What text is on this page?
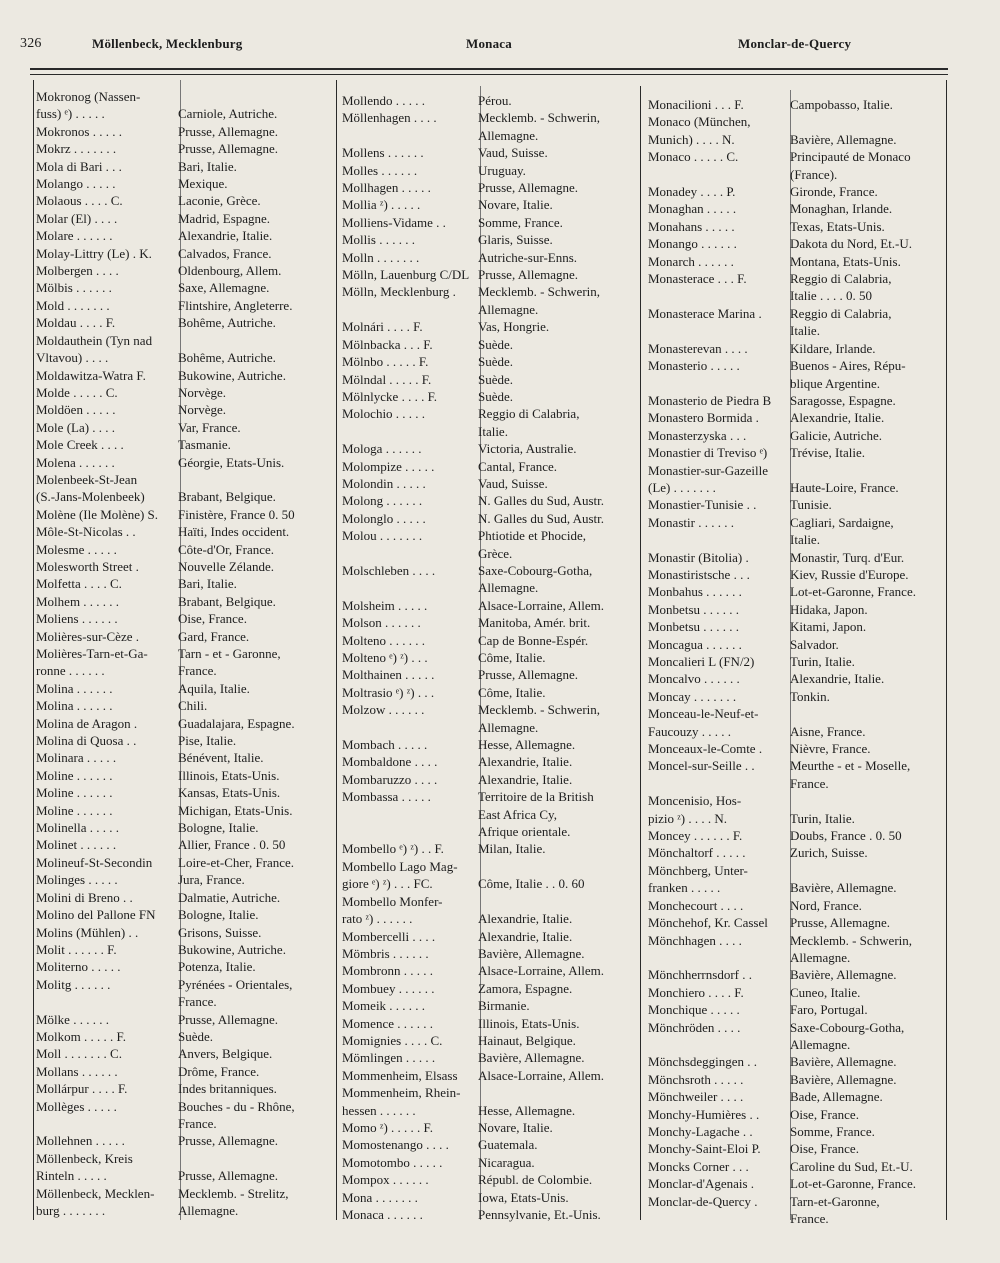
326	Möllenbeck, Mecklenburg	Monaca	Monclar-de-Quercy
Mokronog (Nassen-
fuss) ᵉ) . . . . .	Carniole, Autriche.
Mokronos . . . . .	Prusse, Allemagne.
Mokrz . . . . . . .	Prusse, Allemagne.
Mola di Bari . . .	Bari, Italie.
Molango . . . . .	Mexique.
Molaous . . . . C.	Laconie, Grèce.
Molar (El) . . . .	Madrid, Espagne.
Molare . . . . . .	Alexandrie, Italie.
Molay-Littry (Le) . K.	Calvados, France.
Molbergen . . . .	Oldenbourg, Allem.
Mölbis . . . . . .	Saxe, Allemagne.
Mold . . . . . . .	Flintshire, Angleterre.
Moldau . . . . F.	Bohême, Autriche.
Moldauthein (Tyn nad
Vltavou) . . . .	Bohême, Autriche.
Moldawitza-Watra F.	Bukowine, Autriche.
Molde . . . . . C.	Norvège.
Moldöen . . . . .	Norvège.
Mole (La) . . . .	Var, France.
Mole Creek . . . .	Tasmanie.
Molena . . . . . .	Géorgie, Etats-Unis.
Molenbeek-St-Jean
(S.-Jans-Molenbeek)	Brabant, Belgique.
Molène (Ile Molène) S.	Finistère, France 0. 50
Môle-St-Nicolas . .	Haïti, Indes occident.
Molesme . . . . .	Côte-d'Or, France.
Molesworth Street .	Nouvelle Zélande.
Molfetta . . . . C.	Bari, Italie.
Molhem . . . . . .	Brabant, Belgique.
Moliens . . . . . .	Oise, France.
Molières-sur-Cèze .	Gard, France.
Molières-Tarn-et-Ga-	Tarn - et - Garonne,
ronne . . . . . .	France.
Molina . . . . . .	Aquila, Italie.
Molina . . . . . .	Chili.
Molina de Aragon .	Guadalajara, Espagne.
Molina di Quosa . .	Pise, Italie.
Molinara . . . . .	Bénévent, Italie.
Moline . . . . . .	Illinois, Etats-Unis.
Moline . . . . . .	Kansas, Etats-Unis.
Moline . . . . . .	Michigan, Etats-Unis.
Molinella . . . . .	Bologne, Italie.
Molinet . . . . . .	Allier, France . 0. 50
Molineuf-St-Secondin	Loire-et-Cher, France.
Molinges . . . . .	Jura, France.
Molini di Breno . .	Dalmatie, Autriche.
Molino del Pallone FN	Bologne, Italie.
Molins (Mühlen) . .	Grisons, Suisse.
Molit . . . . . . F.	Bukowine, Autriche.
Moliterno . . . . .	Potenza, Italie.
Molitg . . . . . .	Pyrénées - Orientales,
France.
Mölke . . . . . .	Prusse, Allemagne.
Molkom . . . . . F.	Suède.
Moll . . . . . . . C.	Anvers, Belgique.
Mollans . . . . . .	Drôme, France.
Mollárpur . . . . F.	Indes britanniques.
Mollèges . . . . .	Bouches - du - Rhône,
France.
Mollehnen . . . . .	Prusse, Allemagne.
Möllenbeck, Kreis
Rinteln . . . . .	Prusse, Allemagne.
Möllenbeck, Mecklen-	Mecklemb. - Strelitz,
burg . . . . . . .	Allemagne.
Mollendo . . . . .	Pérou.
Möllenhagen . . . .	Mecklemb. - Schwerin,
Allemagne.
Mollens . . . . . .	Vaud, Suisse.
Molles . . . . . .	Uruguay.
Mollhagen . . . . .	Prusse, Allemagne.
Mollia ᶻ) . . . . .	Novare, Italie.
Molliens-Vidame . .	Somme, France.
Mollis . . . . . .	Glaris, Suisse.
Molln . . . . . . .	Autriche-sur-Enns.
Mölln, Lauenburg C/DL Prusse, Allemagne.
Mölln, Mecklenburg .	Mecklemb. - Schwerin,
Allemagne.
Molnári . . . . F.	Vas, Hongrie.
Mölnbacka . . . F.	Suède.
Mölnbo . . . . . F.	Suède.
Mölndal . . . . . F.	Suède.
Mölnlycke . . . . F.	Suède.
Molochio . . . . .	Reggio di Calabria,
Italie.
Mologa . . . . . .	Victoria, Australie.
Molompize . . . . .	Cantal, France.
Molondin . . . . .	Vaud, Suisse.
Molong . . . . . .	N. Galles du Sud, Austr.
Molonglo . . . . .	N. Galles du Sud, Austr.
Molou . . . . . . .	Phtiotide et Phocide,
Grèce.
Molschleben . . . .	Saxe-Cobourg-Gotha,
Allemagne.
Molsheim . . . . .	Alsace-Lorraine, Allem.
Molson . . . . . .	Manitoba, Amér. brit.
Molteno . . . . . .	Cap de Bonne-Espér.
Molteno ᵉ) ᶻ) . . .	Côme, Italie.
Molthainen . . . . .	Prusse, Allemagne.
Moltrasio ᵉ) ᶻ) . . .	Côme, Italie.
Molzow . . . . . .	Mecklemb. - Schwerin,
Allemagne.
Mombach . . . . .	Hesse, Allemagne.
Mombaldone . . . .	Alexandrie, Italie.
Mombaruzzo . . . .	Alexandrie, Italie.
Mombassa . . . . .	Territoire de la British
East Africa Cy,
Afrique orientale.
Mombello ᵉ) ᶻ) . . F.	Milan, Italie.
Mombello Lago Mag-
giore ᵉ) ᶻ) . . . FC.	Côme, Italie . . 0. 60
Mombello Monfer-
rato ᶻ) . . . . . .	Alexandrie, Italie.
Mombercelli . . . .	Alexandrie, Italie.
Mömbris . . . . . .	Bavière, Allemagne.
Mombronn . . . . .	Alsace-Lorraine, Allem.
Mombuey . . . . . .	Zamora, Espagne.
Momeik . . . . . .	Birmanie.
Momence . . . . . .	Illinois, Etats-Unis.
Momignies . . . . C.	Hainaut, Belgique.
Mömlingen . . . . .	Bavière, Allemagne.
Mommenheim, Elsass	Alsace-Lorraine, Allem.
Mommenheim, Rhein-
hessen . . . . . .	Hesse, Allemagne.
Momo ᶻ) . . . . . F.	Novare, Italie.
Momostenango . . . .	Guatemala.
Momotombo . . . . .	Nicaragua.
Mompox . . . . . .	Républ. de Colombie.
Mona . . . . . . .	Iowa, Etats-Unis.
Monaca . . . . . .	Pennsylvanie, Et.-Unis.
Monacilioni . . . F.	Campobasso, Italie.
Monaco (München,
Munich) . . . . N.	Bavière, Allemagne.
Monaco . . . . . C.	Principauté de Monaco
(France).
Monadey . . . . P.	Gironde, France.
Monaghan . . . . .	Monaghan, Irlande.
Monahans . . . . .	Texas, Etats-Unis.
Monango . . . . . .	Dakota du Nord, Et.-U.
Monarch . . . . . .	Montana, Etats-Unis.
Monasterace . . . F.	Reggio di Calabria,
Italie . . . . 0. 50
Monasterace Marina .	Reggio di Calabria,
Italie.
Monasterevan . . . .	Kildare, Irlande.
Monasterio . . . . .	Buenos - Aires, Répu-
blique Argentine.
Monasterio de Piedra B	Saragosse, Espagne.
Monastero Bormida .	Alexandrie, Italie.
Monasterzyska . . .	Galicie, Autriche.
Monastier di Treviso ᵉ)	Trévise, Italie.
Monastier-sur-Gazeille
(Le) . . . . . . .	Haute-Loire, France.
Monastier-Tunisie . .	Tunisie.
Monastir . . . . . .	Cagliari, Sardaigne,
Italie.
Monastir (Bitolia) .	Monastir, Turq. d'Eur.
Monastiristsche . . .	Kiev, Russie d'Europe.
Monbahus . . . . . .	Lot-et-Garonne, France.
Monbetsu . . . . . .	Hidaka, Japon.
Monbetsu . . . . . .	Kitami, Japon.
Moncagua . . . . . .	Salvador.
Moncalieri L (FN/2)	Turin, Italie.
Moncalvo . . . . . .	Alexandrie, Italie.
Moncay . . . . . . .	Tonkin.
Monceau-le-Neuf-et-
Faucouzy . . . . .	Aisne, France.
Monceaux-le-Comte .	Nièvre, France.
Moncel-sur-Seille . .	Meurthe - et - Moselle,
France.
Moncenisio, Hos-
pizio ᶻ) . . . . N.	Turin, Italie.
Moncey . . . . . . F.	Doubs, France . 0. 50
Mönchaltorf . . . . .	Zurich, Suisse.
Mönchberg, Unter-
franken . . . . .	Bavière, Allemagne.
Monchecourt . . . .	Nord, France.
Mönchehof, Kr. Cassel	Prusse, Allemagne.
Mönchhagen . . . .	Mecklemb. - Schwerin,
Allemagne.
Mönchherrnsdorf . .	Bavière, Allemagne.
Monchiero . . . . F.	Cuneo, Italie.
Monchique . . . . .	Faro, Portugal.
Mönchröden . . . .	Saxe-Cobourg-Gotha,
Allemagne.
Mönchsdeggingen . .	Bavière, Allemagne.
Mönchsroth . . . . .	Bavière, Allemagne.
Mönchweiler . . . .	Bade, Allemagne.
Monchy-Humières . .	Oise, France.
Monchy-Lagache . .	Somme, France.
Monchy-Saint-Eloi P.	Oise, France.
Moncks Corner . . .	Caroline du Sud, Et.-U.
Monclar-d'Agenais .	Lot-et-Garonne, France.
Monclar-de-Quercy .	Tarn-et-Garonne,
France.
